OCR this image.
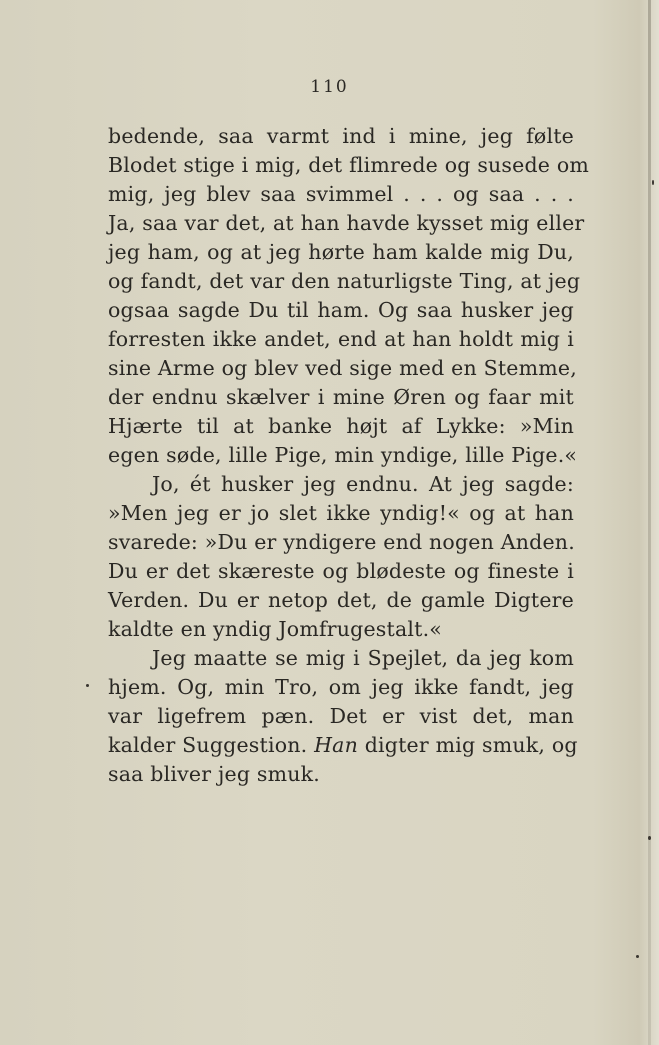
110
bedende, saa varmt ind i mine, jeg følte
Blodet stige i mig, det flimrede og susede om
mig, jeg blev saa svimmel . . . og saa . . .
Ja, saa var det, at han havde kysset mig eller
jeg ham, og at jeg hørte ham kalde mig Du,
og fandt, det var den naturligste Ting, at jeg
ogsaa sagde Du til ham. Og saa husker jeg
forresten ikke andet, end at han holdt mig i
sine Arme og blev ved sige med en Stemme,
der endnu skælver i mine Øren og faar mit
Hjærte til at banke højt af Lykke: »Min
egen søde, lille Pige, min yndige, lille Pige.«
Jo, ét husker jeg endnu. At jeg sagde:
»Men jeg er jo slet ikke yndig!« og at han
svarede: »Du er yndigere end nogen Anden.
Du er det skæreste og blødeste og fineste i
Verden. Du er netop det, de gamle Digtere
kaldte en yndig Jomfrugestalt.«
Jeg maatte se mig i Spejlet, da jeg kom
hjem. Og, min Tro, om jeg ikke fandt, jeg
var ligefrem pæn. Det er vist det, man
kalder Suggestion. Han digter mig smuk, og
saa bliver jeg smuk.
